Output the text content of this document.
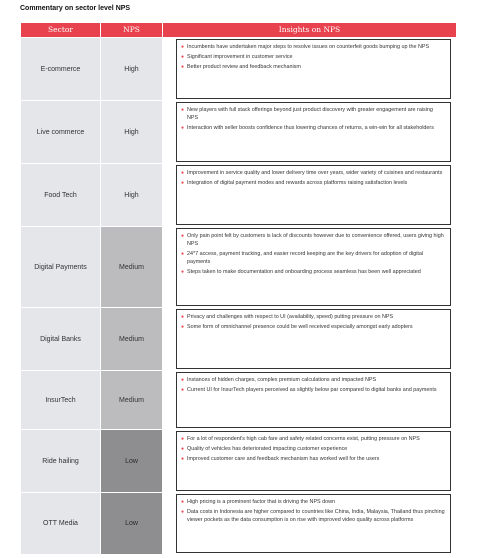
Commentary on sector level NPS
Sector	NPS	Insights on NPS
E-commerce	High
● Incumbents have undertaken major steps to resolve issues on counterfeit goods bumping up the NPS
● Significant improvement in customer service
● Better product review and feedback mechanism
Live commerce	High
● New players with full stack offerings beyond just product discovery with greater engagement are raising NPS
● Interaction with seller boosts confidence thus lowering chances of returns, a win-win for all stakeholders
Food Tech	High
● Improvement in service quality and lower delivery time over years, wider variety of cuisines and restaurants
● Integration of digital payment modes and rewards across platforms raising satisfaction levels
Digital Payments	Medium
● Only pain point felt by customers is lack of discounts however due to convenience offered, users giving high NPS
● 24*7 access, payment tracking, and easier record keeping are the key drivers for adoption of digital payments
● Steps taken to make documentation and onboarding process seamless has been well appreciated
Digital Banks	Medium
● Privacy and challenges with respect to UI (availability, speed) putting pressure on NPS
● Some form of omnichannel presence could be well received especially amongst early adopters
InsurTech	Medium
● Instances of hidden charges, complex premium calculations and impacted NPS
● Current UI for InsurTech players perceived as slightly below par compared to digital banks and payments
Ride hailing	Low
● For a lot of respondent's high cab fare and safety related concerns exist, putting pressure on NPS
● Quality of vehicles has deteriorated impacting customer experience
● Improved customer care and feedback mechanism has worked well for the users
OTT Media	Low
● High pricing is a prominent factor that is driving the NPS down
● Data costs in Indonesia are higher compared to countries like China, India, Malaysia, Thailand thus pinching viewer pockets as the data consumption is on rise with improved video quality across platforms
